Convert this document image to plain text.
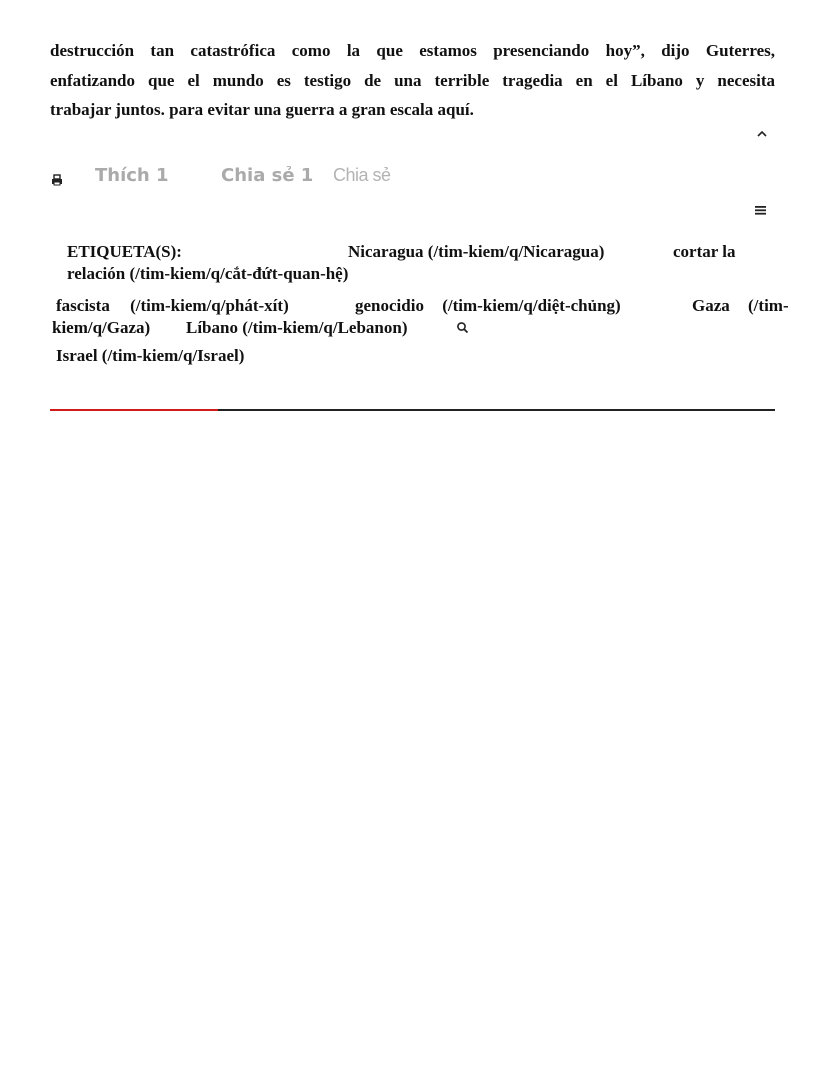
destrucción tan catastrófica como la que estamos presenciando hoy”, dijo Guterres,
enfatizando que el mundo es testigo de una terrible tragedia en el Líbano y necesita
trabajar juntos. para evitar una guerra a gran escala aquí.
Thích 1	Chia sẻ 1 Chia sẻ
ETIQUETA(S):	Nicaragua (/tim-kiem/q/Nicaragua)	cortar la
relación (/tim-kiem/q/cắt-đứt-quan-hệ)
fascista (/tim-kiem/q/phát-xít)	genocidio (/tim-kiem/q/diệt-chủng)	Gaza (/tim-
kiem/q/Gaza) Líbano (/tim-kiem/q/Lebanon)
Israel (/tim-kiem/q/Israel)
